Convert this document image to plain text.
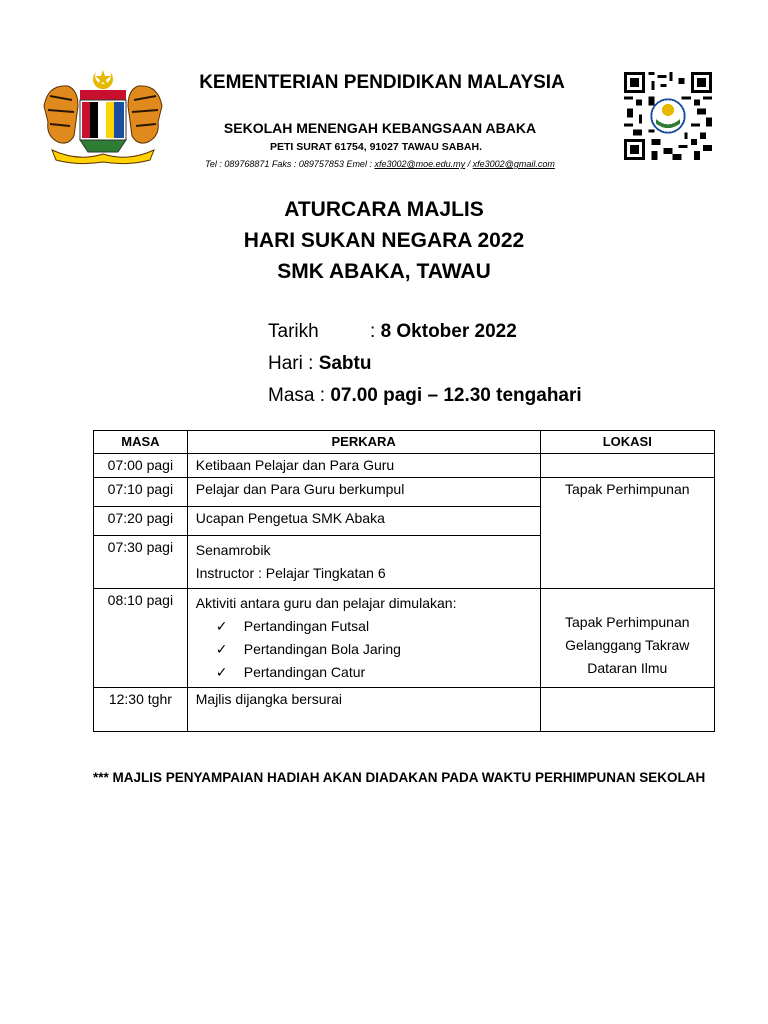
KEMENTERIAN PENDIDIKAN MALAYSIA
SEKOLAH MENENGAH KEBANGSAAN ABAKA
PETI SURAT 61754, 91027 TAWAU SABAH.
Tel : 089768871 Faks : 089757853 Emel : xfe3002@moe.edu.my / xfe3002@gmail.com
ATURCARA MAJLIS
HARI SUKAN NEGARA 2022
SMK ABAKA, TAWAU
Tarikh	: 8 Oktober 2022
Hari : Sabtu
Masa : 07.00 pagi – 12.30 tengahari
MASA	PERKARA	LOKASI
07:00 pagi	Ketibaan Pelajar dan Para Guru	
07:10 pagi	Pelajar dan Para Guru berkumpul	Tapak Perhimpunan
07:20 pagi	Ucapan Pengetua SMK Abaka	
07:30 pagi	Senamrobik
Instructor : Pelajar Tingkatan 6	

08:10 pagi	Aktiviti antara guru dan pelajar dimulakan:
✓ Pertandingan Futsal
✓ Pertandingan Bola Jaring
✓ Pertandingan Catur	Tapak Perhimpunan
Gelanggang Takraw
Dataran Ilmu

12:30 tghr	Majlis dijangka bersurai	
*** MAJLIS PENYAMPAIAN HADIAH AKAN DIADAKAN PADA WAKTU PERHIMPUNAN SEKOLAH
